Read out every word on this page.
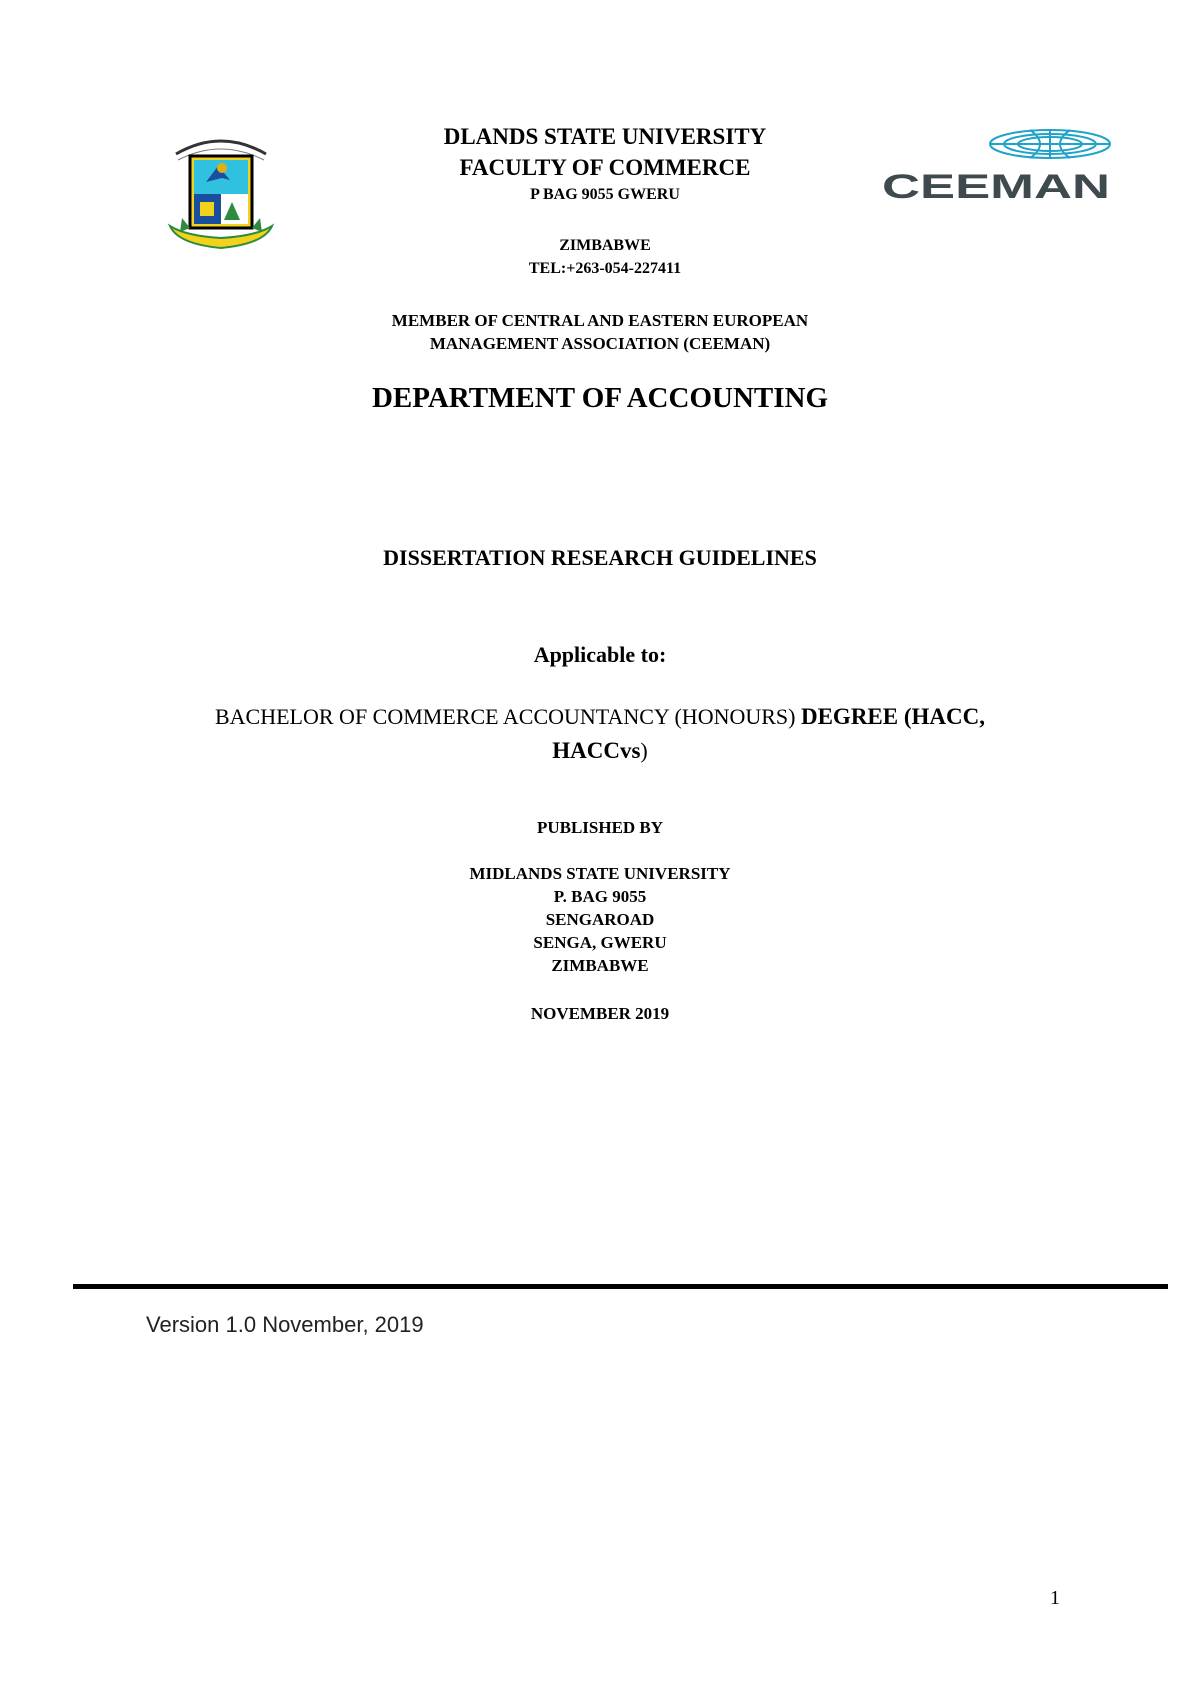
CEEMAN
DLANDS STATE UNIVERSITY
FACULTY OF COMMERCE
P BAG 9055 GWERU
ZIMBABWE
TEL:+263-054-227411
MEMBER OF CENTRAL AND EASTERN EUROPEAN
MANAGEMENT ASSOCIATION (CEEMAN)
DEPARTMENT OF ACCOUNTING
DISSERTATION RESEARCH GUIDELINES
Applicable to:
BACHELOR OF COMMERCE ACCOUNTANCY (HONOURS) DEGREE (HACC,
HACCvs)
PUBLISHED BY
MIDLANDS STATE UNIVERSITY
P. BAG 9055
SENGAROAD
SENGA, GWERU
ZIMBABWE
NOVEMBER 2019
Version 1.0 November, 2019
1
